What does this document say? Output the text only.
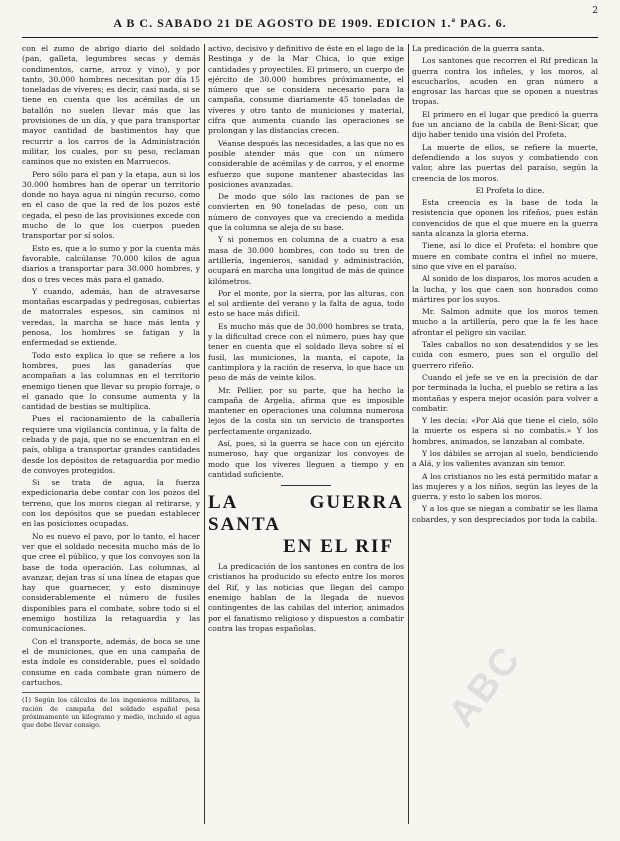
2
A B C. SABADO 21 DE AGOSTO DE 1909. EDICION 1.ª PAG. 6.

con el zumo de abrigo diario del soldado (pan, galleta, legumbres secas y demás condimentos, carne, arroz y vino), y por tanto, 30.000 hombres necesitan por día 15 toneladas de víveres; es decir, casi nada, si se tiene en cuenta que los acémilas de un batallón no suelen llevar más que las provisiones de un día, y que para transportar mayor cantidad de bastimentos hay que recurrir a los carros de la Administración militar, los cuales, por su peso, reclaman caminos que no existen en Marruecos.

Pero sólo para el pan y la etapa, aun si los 30.000 hombres han de operar un territorio donde no haya agua ni ningún recurso, como en el caso de que la red de los pozos esté cegada, el peso de las provisiones excede con mucho de lo que los cuerpos pueden transportar por sí solos.

Esto es, que a lo sumo y por la cuenta más favorable, calcúlanse 70.000 kilos de agua diarios a transportar para 30.000 hombres, y dos o tres veces más para el ganado.

Y cuando, además, han de atravesarse montañas escarpadas y pedregosas, cubiertas de matorrales espesos, sin caminos ni veredas, la marcha se hace más lenta y penosa, los hombres se fatigan y la enfermedad se extiende.

Todo esto explica lo que se refiere a los hombres, pues las ganaderías que acompañan a las columnas en el territorio enemigo tienen que llevar su propio forraje, o el ganado que lo consume aumenta y la cantidad de bestias se multiplica.

Pues el racionamiento de la caballería requiere una vigilancia continua, y la falta de cebada y de paja, que no se encuentran en el país, obliga a transportar grandes cantidades desde los depósitos de retaguardia por medio de convoyes protegidos.

Si se trata de agua, la fuerza expedicionaria debe contar con los pozos del terreno, que los moros ciegan al retirarse, y con los depósitos que se puedan establecer en las posiciones ocupadas.

No es nuevo el pavo, por lo tanto, el hacer ver que el soldado necesita mucho más de lo que cree el público, y que los convoyes son la base de toda operación. Las columnas, al avanzar, dejan tras sí una línea de etapas que hay que guarnecer, y esto disminuye considerablemente el número de fusiles disponibles para el combate, sobre todo si el enemigo hostiliza la retaguardia y las comunicaciones.

Con el transporte, además, de boca se une el de municiones, que en una campaña de esta índole es considerable, pues el soldado consume en cada combate gran número de cartuchos.

(1) Según los cálculos de los ingenieros militares, la ración de campaña del soldado español pesa próximamente un kilogramo y medio, incluido el agua que debe llevar consigo.

activo, decisivo y definitivo de éste en el lago de la Restinga y de la Mar Chica, lo que exige cantidades y proyectiles. El primero, un cuerpo de ejército de 30.000 hombres próximamente, el número que se considera necesario para la campaña, consume diariamente 45 toneladas de víveres y otro tanto de municiones y material, cifra que aumenta cuando las operaciones se prolongan y las distancias crecen.

Véanse después las necesidades, a las que no es posible atender más que con un número considerable de acémilas y de carros, y el enorme esfuerzo que supone mantener abastecidas las posiciones avanzadas.

De modo que sólo las raciones de pan se convierten en 90 toneladas de peso, con un número de convoyes que va creciendo a medida que la columna se aleja de su base.

Y si ponemos en columna de a cuatro a esa masa de 30.000 hombres, con todo su tren de artillería, ingenieros, sanidad y administración, ocupará en marcha una longitud de más de quince kilómetros.

Por el monte, por la sierra, por las alturas, con el sol ardiente del verano y la falta de agua, todo esto se hace más difícil.

Es mucho más que de 30.000 hombres se trata, y la dificultad crece con el número, pues hay que tener en cuenta que el soldado lleva sobre sí el fusil, las municiones, la manta, el capote, la cantimplora y la ración de reserva, lo que hace un peso de más de veinte kilos.

Mr. Pellier, por su parte, que ha hecho la campaña de Argelia, afirma que es imposible mantener en operaciones una columna numerosa lejos de la costa sin un servicio de transportes perfectamente organizado.

Así, pues, si la guerra se hace con un ejército numeroso, hay que organizar los convoyes de modo que los víveres lleguen a tiempo y en cantidad suficiente.

LA GUERRA SANTA
EN EL RIF

La predicación de los santones en contra de los cristianos ha producido su efecto entre los moros del Rif, y las noticias que llegan del campo enemigo hablan de la llegada de nuevos contingentes de las cabilas del interior, animados por el fanatismo religioso y dispuestos a combatir contra las tropas españolas.

La predicación de la guerra santa.

Los santones que recorren el Rif predican la guerra contra los infieles, y los moros, al escucharlos, acuden en gran número a engrosar las harcas que se oponen a nuestras tropas.

El primero en el lugar que predicó la guerra fue un anciano de la cabila de Beni-Sicar, que dijo haber tenido una visión del Profeta.

La muerte de ellos, se refiere la muerte, defendiendo a los suyos y combatiendo con valor, abre las puertas del paraíso, según la creencia de los moros.

El Profeta lo dice.

Esta creencia es la base de toda la resistencia que oponen los rifeños, pues están convencidos de que el que muere en la guerra santa alcanza la gloria eterna.

Tiene, así lo dice el Profeta: el hombre que muere en combate contra el infiel no muere, sino que vive en el paraíso.

Al sonido de los disparos, los moros acuden a la lucha, y los que caen son honrados como mártires por los suyos.

Mr. Salmon admite que los moros temen mucho a la artillería, pero que la fe les hace afrontar el peligro sin vacilar.

Tales caballos no son desatendidos y se les cuida con esmero, pues son el orgullo del guerrero rifeño.

Cuando el jefe se ve en la precisión de dar por terminada la lucha, el pueblo se retira a las montañas y espera mejor ocasión para volver a combatir.

Y les decía: «Por Alá que tiene el cielo, sólo la muerte os espera si no combatís.» Y los hombres, animados, se lanzaban al combate.

Y los dábiles se arrojan al suelo, bendiciendo a Alá, y los valientes avanzan sin temor.

A los cristianos no les está permitido matar a las mujeres y a los niños, según las leyes de la guerra, y esto lo saben los moros.

Y a los que se niegan a combatir se les llama cobardes, y son despreciados por toda la cabila.

ABC
